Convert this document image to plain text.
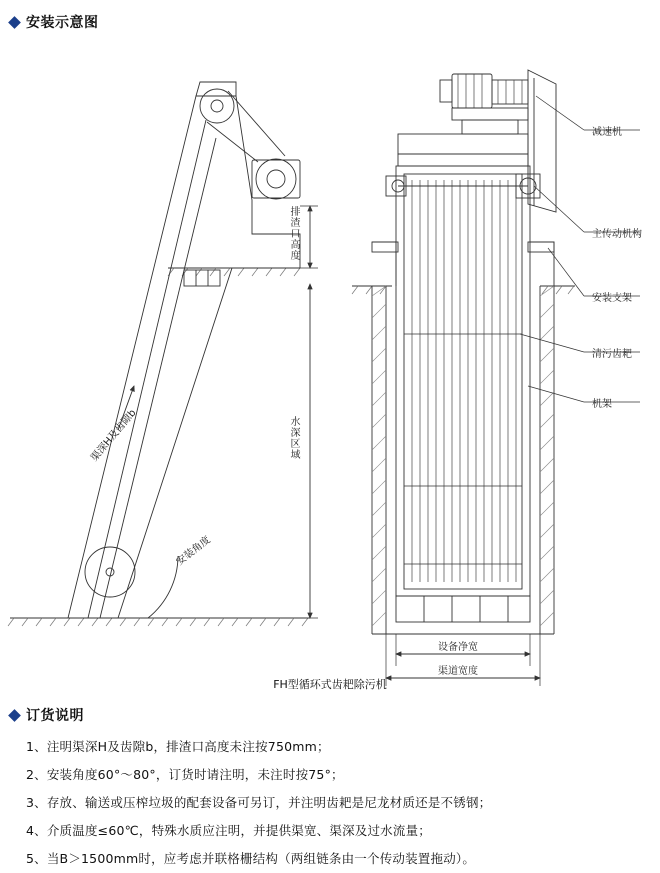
安装示意图
排渣口高度
水深区域
渠深H及齿隙b
安装角度
减速机
主传动机构
安装支架
清污齿耙
机架
设备净宽
渠道宽度
FH型循环式齿耙除污机
订货说明
1、注明渠深H及齿隙b，排渣口高度未注按750mm；
2、安装角度60°～80°，订货时请注明，未注时按75°；
3、存放、输送或压榨垃圾的配套设备可另订，并注明齿耙是尼龙材质还是不锈钢；
4、介质温度≤60℃，特殊水质应注明，并提供渠宽、渠深及过水流量；
5、当B＞1500mm时，应考虑并联格栅结构（两组链条由一个传动装置拖动）。
